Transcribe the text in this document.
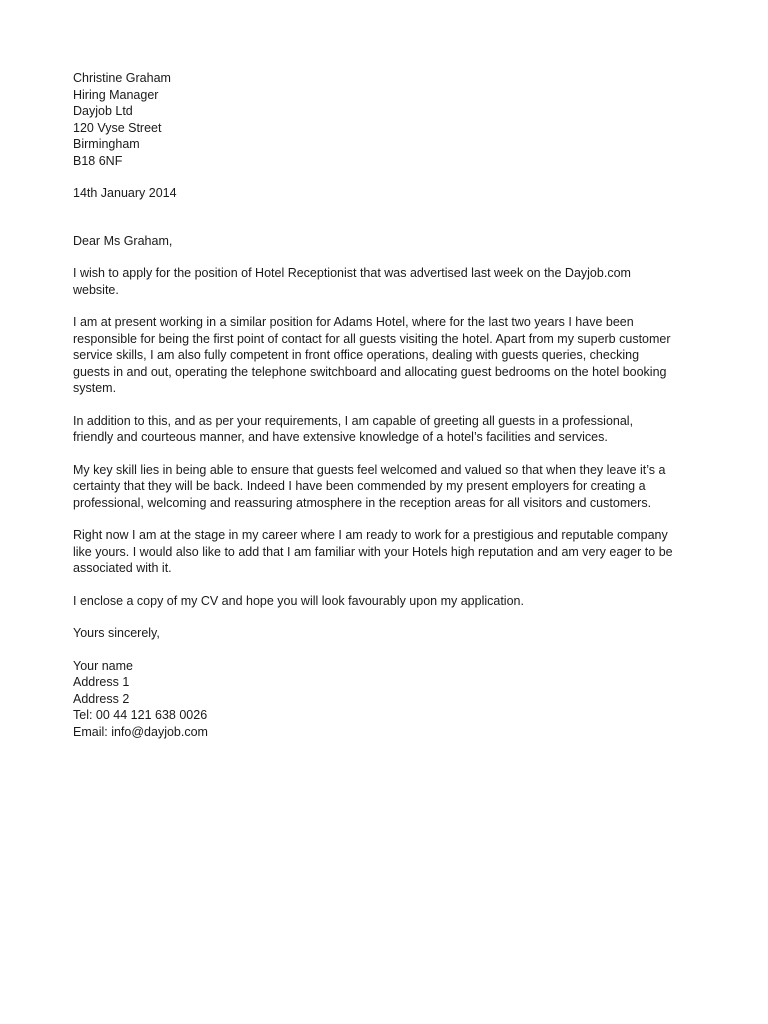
Christine Graham
Hiring Manager
Dayjob Ltd
120 Vyse Street
Birmingham
B18 6NF
14th January 2014
Dear Ms Graham,
I wish to apply for the position of Hotel Receptionist that was advertised last week on the Dayjob.com
website.
I am at present working in a similar position for Adams Hotel, where for the last two years I have been
responsible for being the first point of contact for all guests visiting the hotel. Apart from my superb customer
service skills, I am also fully competent in front office operations, dealing with guests queries, checking
guests in and out, operating the telephone switchboard and allocating guest bedrooms on the hotel booking
system.
In addition to this, and as per your requirements, I am capable of greeting all guests in a professional,
friendly and courteous manner, and have extensive knowledge of a hotel’s facilities and services.
My key skill lies in being able to ensure that guests feel welcomed and valued so that when they leave it’s a
certainty that they will be back. Indeed I have been commended by my present employers for creating a
professional, welcoming and reassuring atmosphere in the reception areas for all visitors and customers.
Right now I am at the stage in my career where I am ready to work for a prestigious and reputable company
like yours. I would also like to add that I am familiar with your Hotels high reputation and am very eager to be
associated with it.
I enclose a copy of my CV and hope you will look favourably upon my application.
Yours sincerely,
Your name
Address 1
Address 2
Tel: 00 44 121 638 0026
Email: info@dayjob.com
